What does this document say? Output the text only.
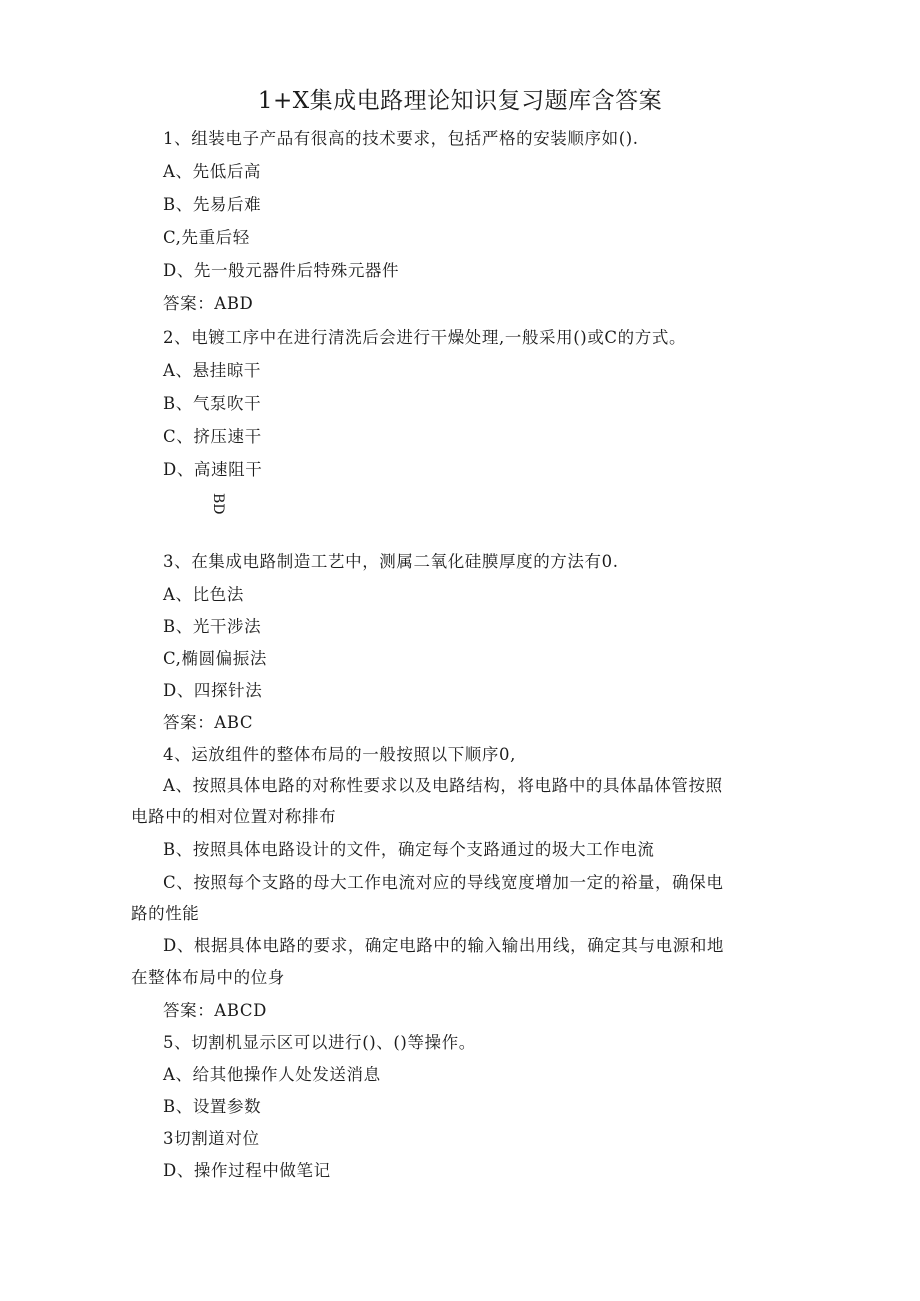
1+X集成电路理论知识复习题库含答案
1、组装电子产品有很高的技术要求，包括严格的安装顺序如().
A、先低后高
B、先易后难
C,先重后轻
D、先一般元器件后特殊元器件
答案：ABD
2、电镀工序中在进行清洗后会进行干燥处理,一般采用()或C的方式。
A、悬挂晾干
B、气泵吹干
C、挤压速干
D、高速阻干
BD
3、在集成电路制造工艺中，测属二氧化硅膜厚度的方法有0.
A、比色法
B、光干涉法
C,椭圆偏振法
D、四探针法
答案：ABC
4、运放组件的整体布局的一般按照以下顺序0,
A、按照具体电路的对称性要求以及电路结构，将电路中的具体晶体管按照
电路中的相对位置对称排布
B、按照具体电路设计的文件，确定每个支路通过的圾大工作电流
C、按照每个支路的母大工作电流对应的导线宽度增加一定的裕量，确保电
路的性能
D、根据具体电路的要求，确定电路中的输入输出用线，确定其与电源和地
在整体布局中的位身
答案：ABCD
5、切割机显示区可以进行()、()等操作。
A、给其他操作人处发送消息
B、设置参数
3切割道对位
D、操作过程中做笔记
